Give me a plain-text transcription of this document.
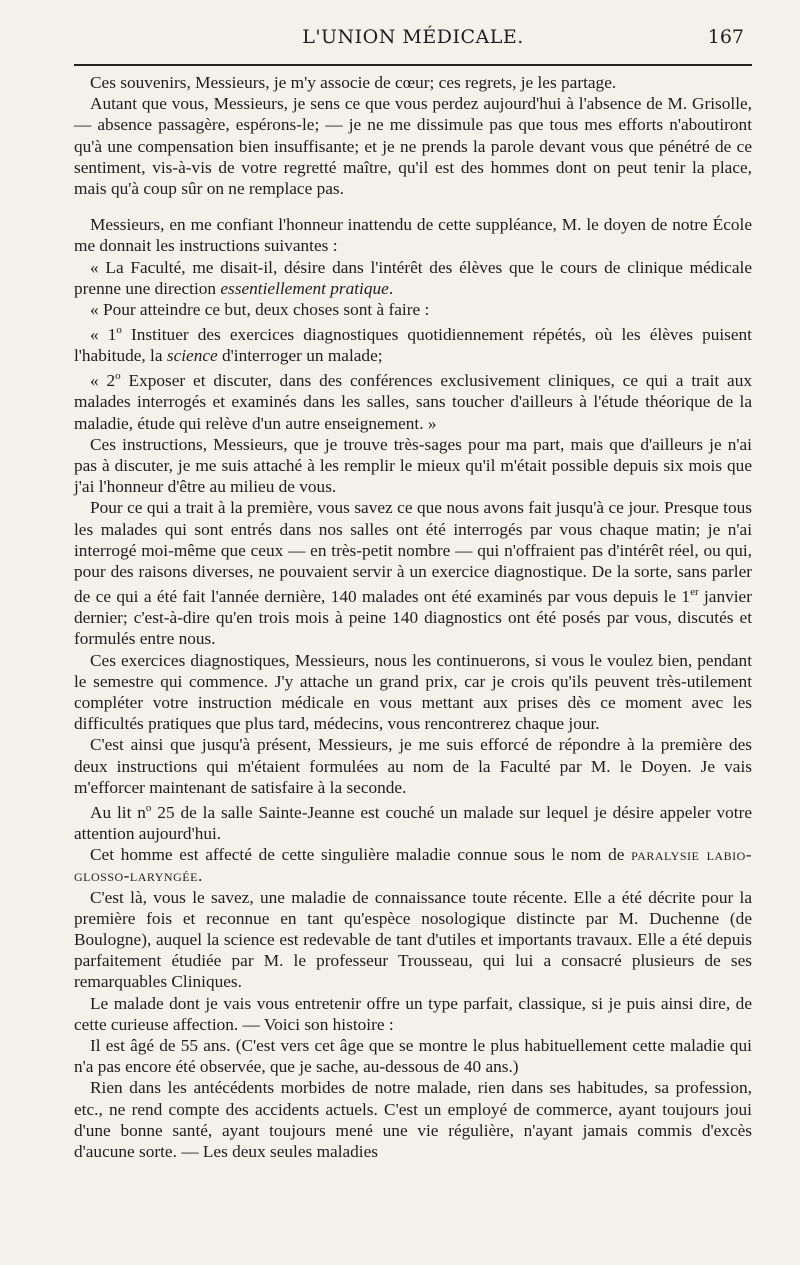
L'UNION MÉDICALE.	167

Ces souvenirs, Messieurs, je m'y associe de cœur; ces regrets, je les partage.

Autant que vous, Messieurs, je sens ce que vous perdez aujourd'hui à l'absence de M. Grisolle, — absence passagère, espérons-le; — je ne me dissimule pas que tous mes efforts n'aboutiront qu'à une compensation bien insuffisante; et je ne prends la parole devant vous que pénétré de ce sentiment, vis-à-vis de votre regretté maître, qu'il est des hommes dont on peut tenir la place, mais qu'à coup sûr on ne remplace pas.

Messieurs, en me confiant l'honneur inattendu de cette suppléance, M. le doyen de notre École me donnait les instructions suivantes :

« La Faculté, me disait-il, désire dans l'intérêt des élèves que le cours de clinique médicale prenne une direction essentiellement pratique.

« Pour atteindre ce but, deux choses sont à faire :

« 1$^o$ Instituer des exercices diagnostiques quotidiennement répétés, où les élèves puisent l'habitude, la science d'interroger un malade;

« 2$^o$ Exposer et discuter, dans des conférences exclusivement cliniques, ce qui a trait aux malades interrogés et examinés dans les salles, sans toucher d'ailleurs à l'étude théorique de la maladie, étude qui relève d'un autre enseignement. »

Ces instructions, Messieurs, que je trouve très-sages pour ma part, mais que d'ailleurs je n'ai pas à discuter, je me suis attaché à les remplir le mieux qu'il m'était possible depuis six mois que j'ai l'honneur d'être au milieu de vous.

Pour ce qui a trait à la première, vous savez ce que nous avons fait jusqu'à ce jour. Presque tous les malades qui sont entrés dans nos salles ont été interrogés par vous chaque matin; je n'ai interrogé moi-même que ceux — en très-petit nombre — qui n'offraient pas d'intérêt réel, ou qui, pour des raisons diverses, ne pouvaient servir à un exercice diagnostique. De la sorte, sans parler de ce qui a été fait l'année dernière, 140 malades ont été examinés par vous depuis le 1er janvier dernier; c'est-à-dire qu'en trois mois à peine 140 diagnostics ont été posés par vous, discutés et formulés entre nous.

Ces exercices diagnostiques, Messieurs, nous les continuerons, si vous le voulez bien, pendant le semestre qui commence. J'y attache un grand prix, car je crois qu'ils peuvent très-utilement compléter votre instruction médicale en vous mettant aux prises dès ce moment avec les difficultés pratiques que plus tard, médecins, vous rencontrerez chaque jour.

C'est ainsi que jusqu'à présent, Messieurs, je me suis efforcé de répondre à la première des deux instructions qui m'étaient formulées au nom de la Faculté par M. le Doyen. Je vais m'efforcer maintenant de satisfaire à la seconde.

Au lit $n^o$ 25 de la salle Sainte-Jeanne est couché un malade sur lequel je désire appeler votre attention aujourd'hui.

Cet homme est affecté de cette singulière maladie connue sous le nom de paralysie labio-glosso-laryngée.

C'est là, vous le savez, une maladie de connaissance toute récente. Elle a été décrite pour la première fois et reconnue en tant qu'espèce nosologique distincte par M. Duchenne (de Boulogne), auquel la science est redevable de tant d'utiles et importants travaux. Elle a été depuis parfaitement étudiée par M. le professeur Trousseau, qui lui a consacré plusieurs de ses remarquables Cliniques.

Le malade dont je vais vous entretenir offre un type parfait, classique, si je puis ainsi dire, de cette curieuse affection. — Voici son histoire :

Il est âgé de 55 ans. (C'est vers cet âge que se montre le plus habituellement cette maladie qui n'a pas encore été observée, que je sache, au-dessous de 40 ans.)

Rien dans les antécédents morbides de notre malade, rien dans ses habitudes, sa profession, etc., ne rend compte des accidents actuels. C'est un employé de commerce, ayant toujours joui d'une bonne santé, ayant toujours mené une vie régulière, n'ayant jamais commis d'excès d'aucune sorte. — Les deux seules maladies
